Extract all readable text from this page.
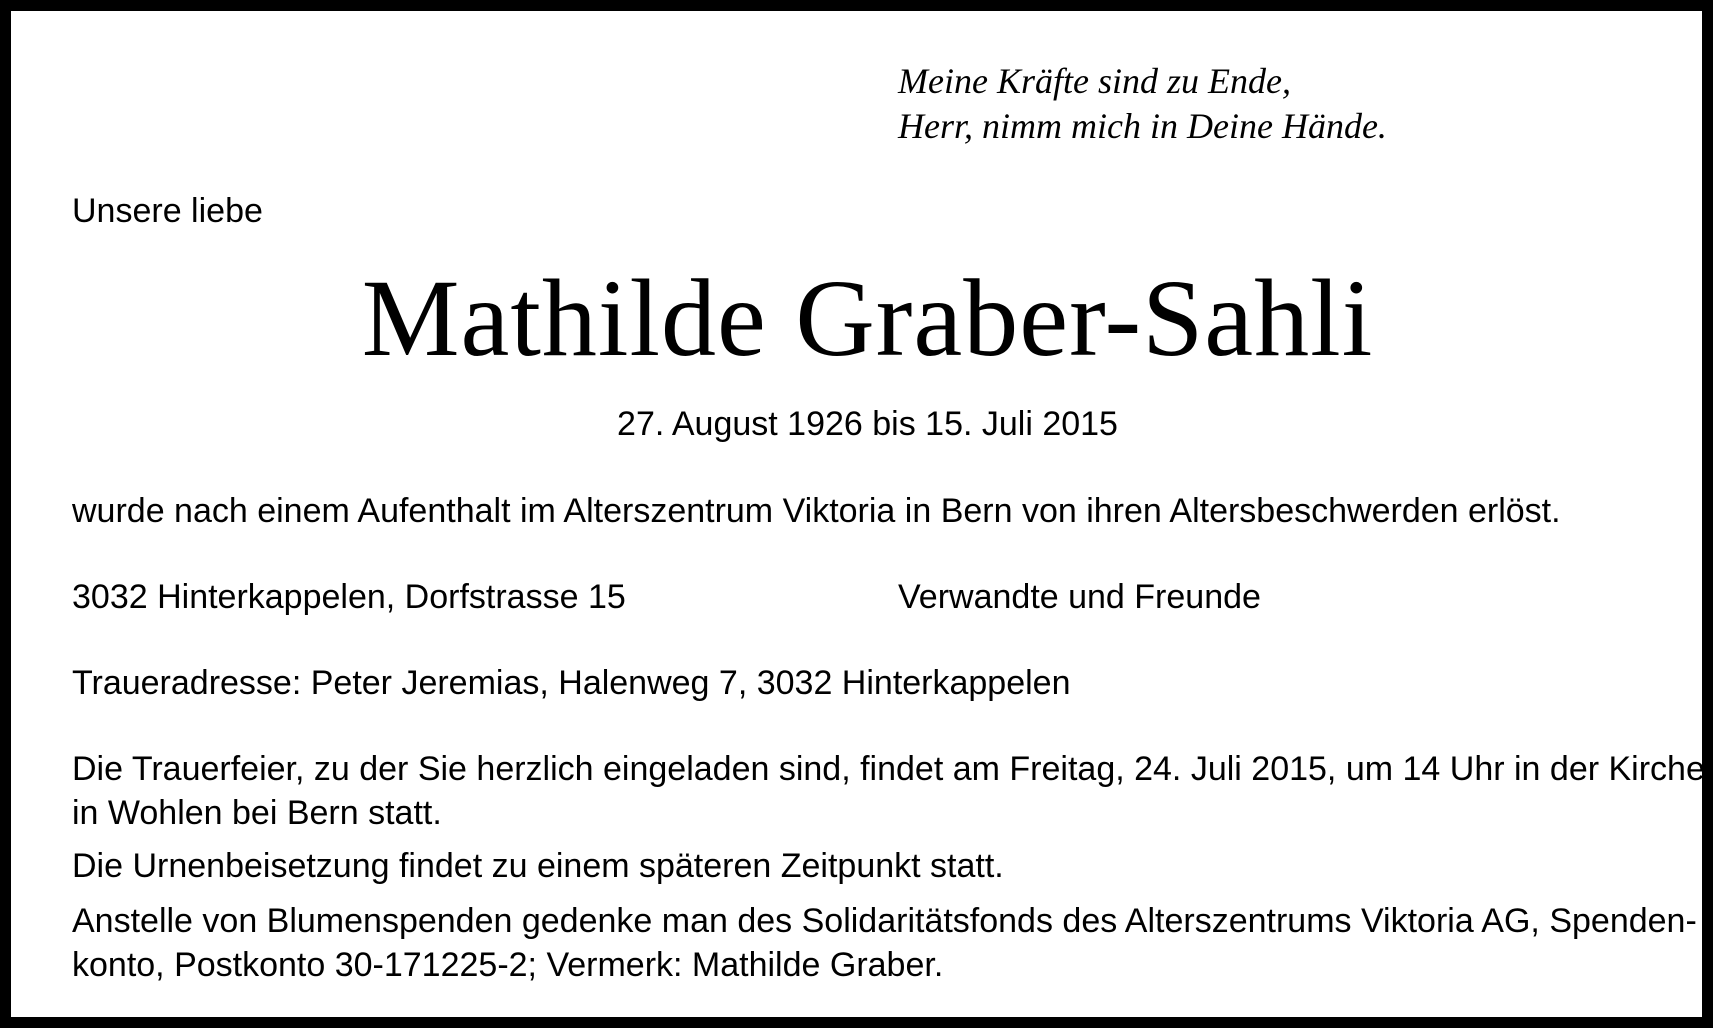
Meine Kräfte sind zu Ende,
Herr, nimm mich in Deine Hände.
Unsere liebe
Mathilde Graber-Sahli
27. August 1926 bis 15. Juli 2015
wurde nach einem Aufenthalt im Alterszentrum Viktoria in Bern von ihren Altersbeschwerden erlöst.
3032 Hinterkappelen, Dorfstrasse 15	Verwandte und Freunde
Traueradresse: Peter Jeremias, Halenweg 7, 3032 Hinterkappelen
Die Trauerfeier, zu der Sie herzlich eingeladen sind, findet am Freitag, 24. Juli 2015, um 14 Uhr in der Kirche
in Wohlen bei Bern statt.
Die Urnenbeisetzung findet zu einem späteren Zeitpunkt statt.
Anstelle von Blumenspenden gedenke man des Solidaritätsfonds des Alterszentrums Viktoria AG, Spenden-
konto, Postkonto 30-171225-2; Vermerk: Mathilde Graber.
